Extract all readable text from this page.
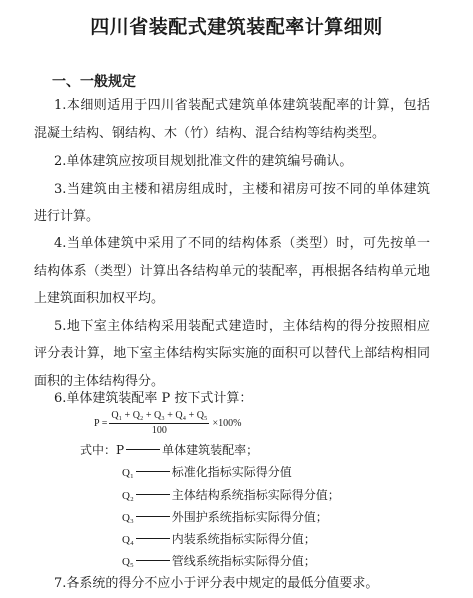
四川省装配式建筑装配率计算细则
一、一般规定
1.本细则适用于四川省装配式建筑单体建筑装配率的计算，包括
混凝土结构、钢结构、木（竹）结构、混合结构等结构类型。
2.单体建筑应按项目规划批准文件的建筑编号确认。
3.当建筑由主楼和裙房组成时，主楼和裙房可按不同的单体建筑
进行计算。
4.当单体建筑中采用了不同的结构体系（类型）时，可先按单一
结构体系（类型）计算出各结构单元的装配率，再根据各结构单元地
上建筑面积加权平均。
5.地下室主体结构采用装配式建造时，主体结构的得分按照相应
评分表计算，地下室主体结构实际实施的面积可以替代上部结构相同
面积的主体结构得分。
6.单体建筑装配率 P 按下式计算：
$P = \frac{\text{Q₁ + Q₂ + Q₃ + Q₄ + Q₅}}{100} \times 100\%$
式中：P	单体建筑装配率；
Q₁	标准化指标实际得分值
Q₂	主体结构系统指标实际得分值；
Q₃	外围护系统指标实际得分值；
Q₄	内装系统指标实际得分值；
Q₅	管线系统指标实际得分值；
7.各系统的得分不应小于评分表中规定的最低分值要求。
